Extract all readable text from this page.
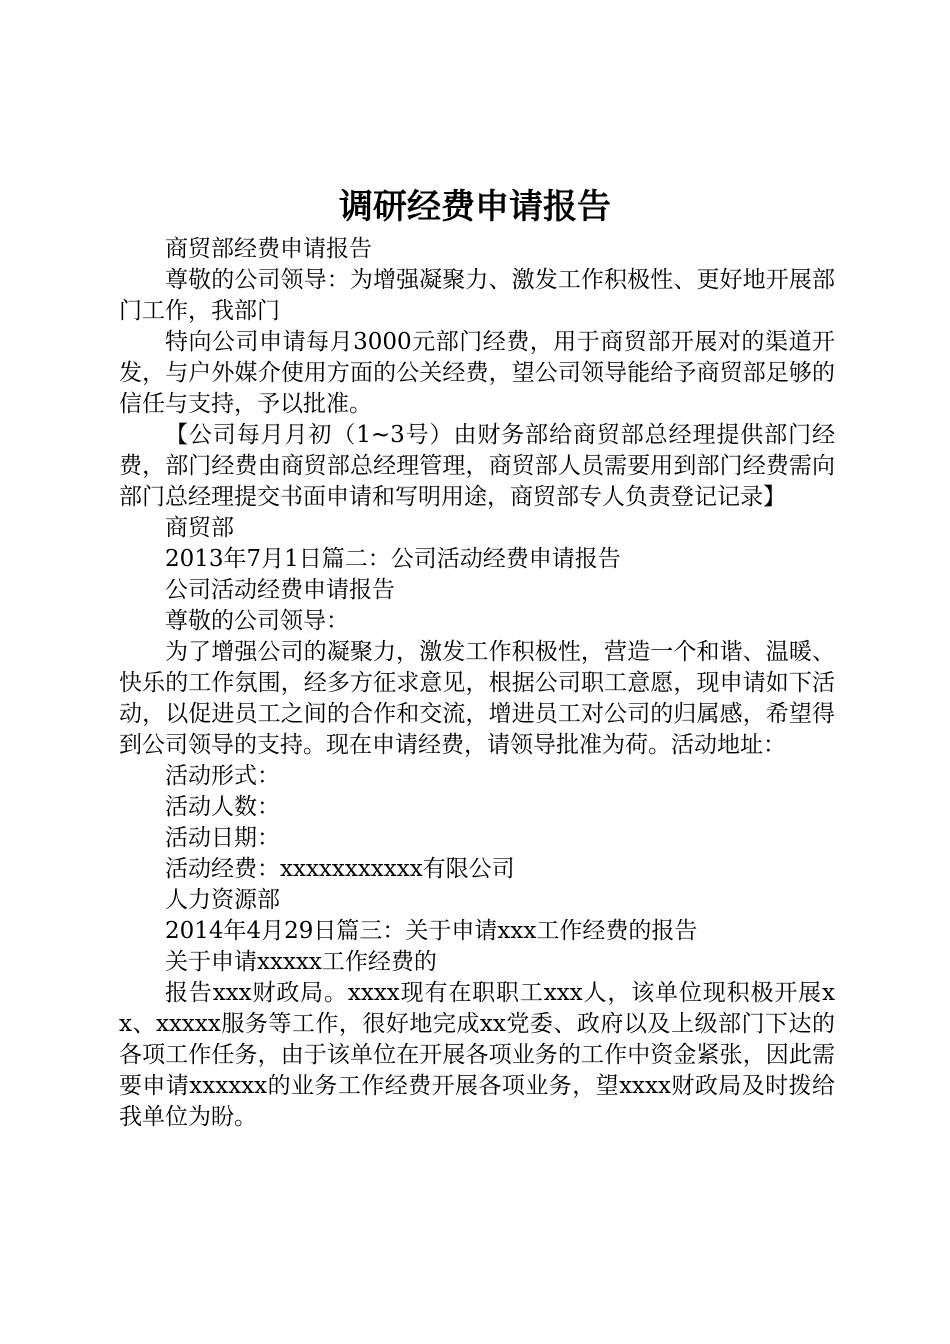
调研经费申请报告

商贸部经费申请报告

尊敬的公司领导：为增强凝聚力、激发工作积极性、更好地开展部门工作，我部门

特向公司申请每月3000元部门经费，用于商贸部开展对的渠道开发，与户外媒介使用方面的公关经费，望公司领导能给予商贸部足够的信任与支持，予以批准。

【公司每月月初（1~3号）由财务部给商贸部总经理提供部门经费，部门经费由商贸部总经理管理，商贸部人员需要用到部门经费需向部门总经理提交书面申请和写明用途，商贸部专人负责登记记录】

商贸部

2013年7月1日篇二：公司活动经费申请报告

公司活动经费申请报告

尊敬的公司领导：

为了增强公司的凝聚力，激发工作积极性，营造一个和谐、温暖、快乐的工作氛围，经多方征求意见，根据公司职工意愿，现申请如下活动，以促进员工之间的合作和交流，增进员工对公司的归属感，希望得到公司领导的支持。现在申请经费，请领导批准为荷。活动地址：

活动形式：

活动人数：

活动日期：

活动经费：xxxxxxxxxxx有限公司

人力资源部

2014年4月29日篇三：关于申请xxx工作经费的报告

关于申请xxxxx工作经费的

报告xxx财政局。xxxx现有在职职工xxx人，该单位现积极开展xx、xxxxx服务等工作，很好地完成xx党委、政府以及上级部门下达的各项工作任务，由于该单位在开展各项业务的工作中资金紧张，因此需要申请xxxxxx的业务工作经费开展各项业务，望xxxx财政局及时拨给我单位为盼。
